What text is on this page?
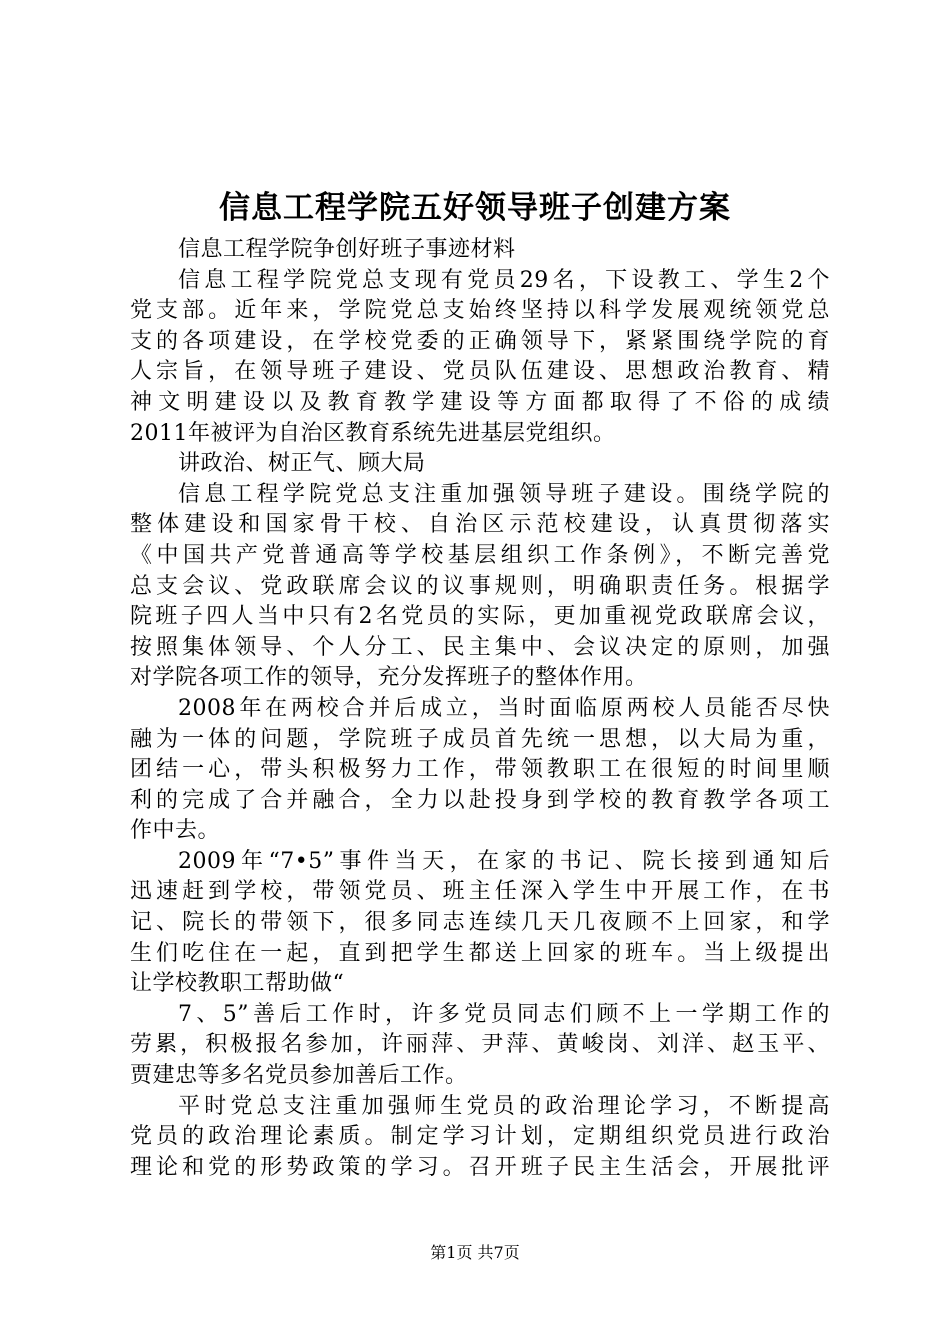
信息工程学院五好领导班子创建方案
信息工程学院争创好班子事迹材料
信息工程学院党总支现有党员29名，下设教工、学生2个
党支部。近年来，学院党总支始终坚持以科学发展观统领党总
支的各项建设，在学校党委的正确领导下，紧紧围绕学院的育
人宗旨，在领导班子建设、党员队伍建设、思想政治教育、精
神文明建设以及教育教学建设等方面都取得了不俗的成绩
2011年被评为自治区教育系统先进基层党组织。
讲政治、树正气、顾大局
信息工程学院党总支注重加强领导班子建设。围绕学院的
整体建设和国家骨干校、自治区示范校建设，认真贯彻落实
《中国共产党普通高等学校基层组织工作条例》，不断完善党
总支会议、党政联席会议的议事规则，明确职责任务。根据学
院班子四人当中只有2名党员的实际，更加重视党政联席会议，
按照集体领导、个人分工、民主集中、会议决定的原则，加强
对学院各项工作的领导，充分发挥班子的整体作用。
2008年在两校合并后成立，当时面临原两校人员能否尽快
融为一体的问题，学院班子成员首先统一思想，以大局为重，
团结一心，带头积极努力工作，带领教职工在很短的时间里顺
利的完成了合并融合，全力以赴投身到学校的教育教学各项工
作中去。
2009年“7•5”事件当天，在家的书记、院长接到通知后
迅速赶到学校，带领党员、班主任深入学生中开展工作，在书
记、院长的带领下，很多同志连续几天几夜顾不上回家，和学
生们吃住在一起，直到把学生都送上回家的班车。当上级提出
让学校教职工帮助做“
7、5”善后工作时，许多党员同志们顾不上一学期工作的
劳累，积极报名参加，许丽萍、尹萍、黄峻岗、刘洋、赵玉平、
贾建忠等多名党员参加善后工作。
平时党总支注重加强师生党员的政治理论学习，不断提高
党员的政治理论素质。制定学习计划，定期组织党员进行政治
理论和党的形势政策的学习。召开班子民主生活会，开展批评
第1页 共7页
